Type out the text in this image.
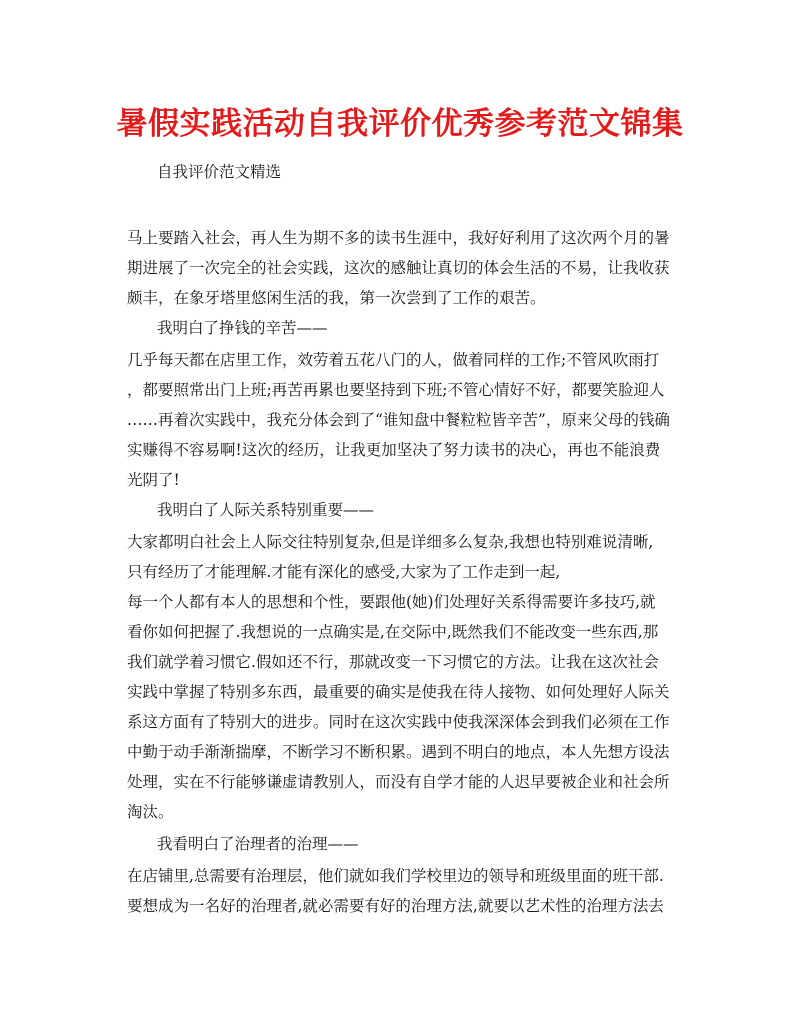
暑假实践活动自我评价优秀参考范文锦集
自我评价范文精选
马上要踏入社会，再人生为期不多的读书生涯中，我好好利用了这次两个月的暑
期进展了一次完全的社会实践，这次的感触让真切的体会生活的不易，让我收获
颇丰，在象牙塔里悠闲生活的我，第一次尝到了工作的艰苦。
我明白了挣钱的辛苦——
几乎每天都在店里工作，效劳着五花八门的人，做着同样的工作;不管风吹雨打
，都要照常出门上班;再苦再累也要坚持到下班;不管心情好不好，都要笑脸迎人
……再着次实践中，我充分体会到了“谁知盘中餐粒粒皆辛苦”，原来父母的钱确
实赚得不容易啊!这次的经历，让我更加坚决了努力读书的决心，再也不能浪费
光阴了!
我明白了人际关系特别重要——
大家都明白社会上人际交往特别复杂,但是详细多么复杂,我想也特别难说清晰,
只有经历了才能理解.才能有深化的感受,大家为了工作走到一起,
每一个人都有本人的思想和个性，要跟他(她)们处理好关系得需要许多技巧,就
看你如何把握了.我想说的一点确实是,在交际中,既然我们不能改变一些东西,那
我们就学着习惯它.假如还不行，那就改变一下习惯它的方法。让我在这次社会
实践中掌握了特别多东西，最重要的确实是使我在待人接物、如何处理好人际关
系这方面有了特别大的进步。同时在这次实践中使我深深体会到我们必须在工作
中勤于动手渐渐揣摩，不断学习不断积累。遇到不明白的地点，本人先想方设法
处理，实在不行能够谦虚请教别人，而没有自学才能的人迟早要被企业和社会所
淘汰。
我看明白了治理者的治理——
在店铺里,总需要有治理层，他们就如我们学校里边的领导和班级里面的班干部.
要想成为一名好的治理者,就必需要有好的治理方法,就要以艺术性的治理方法去
